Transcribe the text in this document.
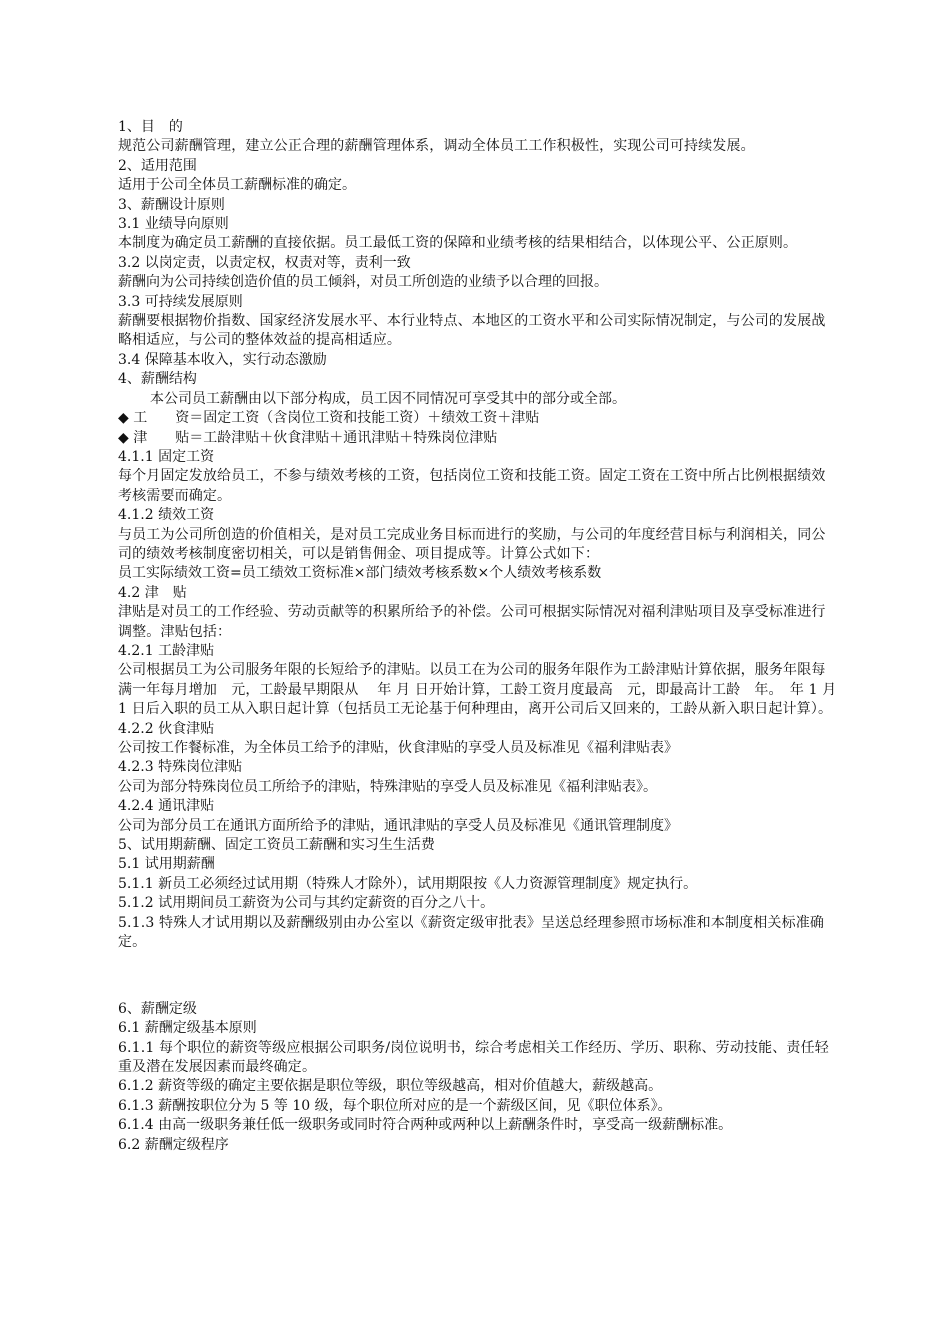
1、目　的

规范公司薪酬管理，建立公正合理的薪酬管理体系，调动全体员工工作积极性，实现公司可持续发展。

2、适用范围

适用于公司全体员工薪酬标准的确定。

3、薪酬设计原则

3.1 业绩导向原则

本制度为确定员工薪酬的直接依据。员工最低工资的保障和业绩考核的结果相结合，以体现公平、公正原则。

3.2 以岗定责，以责定权，权责对等，责利一致

薪酬向为公司持续创造价值的员工倾斜，对员工所创造的业绩予以合理的回报。

3.3 可持续发展原则

薪酬要根据物价指数、国家经济发展水平、本行业特点、本地区的工资水平和公司实际情况制定，与公司的发展战略相适应，与公司的整体效益的提高相适应。

3.4 保障基本收入，实行动态激励

4、薪酬结构

本公司员工薪酬由以下部分构成，员工因不同情况可享受其中的部分或全部。

◆ 工　　资＝固定工资（含岗位工资和技能工资）＋绩效工资＋津贴

◆ 津　　贴＝工龄津贴＋伙食津贴＋通讯津贴＋特殊岗位津贴

4.1.1 固定工资

每个月固定发放给员工，不参与绩效考核的工资，包括岗位工资和技能工资。固定工资在工资中所占比例根据绩效考核需要而确定。

4.1.2 绩效工资

与员工为公司所创造的价值相关，是对员工完成业务目标而进行的奖励，与公司的年度经营目标与利润相关，同公司的绩效考核制度密切相关，可以是销售佣金、项目提成等。计算公式如下：

员工实际绩效工资=员工绩效工资标准×部门绩效考核系数×个人绩效考核系数

4.2 津　贴

津贴是对员工的工作经验、劳动贡献等的积累所给予的补偿。公司可根据实际情况对福利津贴项目及享受标准进行调整。津贴包括：

4.2.1 工龄津贴

公司根据员工为公司服务年限的长短给予的津贴。以员工在为公司的服务年限作为工龄津贴计算依据，服务年限每满一年每月增加　元，工龄最早期限从　 年 月 日开始计算，工龄工资月度最高　元，即最高计工龄　年。　年 1 月 1 日后入职的员工从入职日起计算（包括员工无论基于何种理由，离开公司后又回来的，工龄从新入职日起计算）。

4.2.2 伙食津贴

公司按工作餐标准，为全体员工给予的津贴，伙食津贴的享受人员及标准见《福利津贴表》

4.2.3 特殊岗位津贴

公司为部分特殊岗位员工所给予的津贴，特殊津贴的享受人员及标准见《福利津贴表》。

4.2.4 通讯津贴

公司为部分员工在通讯方面所给予的津贴，通讯津贴的享受人员及标准见《通讯管理制度》

5、试用期薪酬、固定工资员工薪酬和实习生生活费

5.1 试用期薪酬

5.1.1 新员工必须经过试用期（特殊人才除外），试用期限按《人力资源管理制度》规定执行。

5.1.2 试用期间员工薪资为公司与其约定薪资的百分之八十。

5.1.3 特殊人才试用期以及薪酬级别由办公室以《薪资定级审批表》呈送总经理参照市场标准和本制度相关标准确定。

6、薪酬定级

6.1 薪酬定级基本原则

6.1.1 每个职位的薪资等级应根据公司职务/岗位说明书，综合考虑相关工作经历、学历、职称、劳动技能、责任轻重及潜在发展因素而最终确定。

6.1.2 薪资等级的确定主要依据是职位等级，职位等级越高，相对价值越大，薪级越高。

6.1.3 薪酬按职位分为 5 等 10 级，每个职位所对应的是一个薪级区间，见《职位体系》。

6.1.4 由高一级职务兼任低一级职务或同时符合两种或两种以上薪酬条件时，享受高一级薪酬标准。

6.2 薪酬定级程序
